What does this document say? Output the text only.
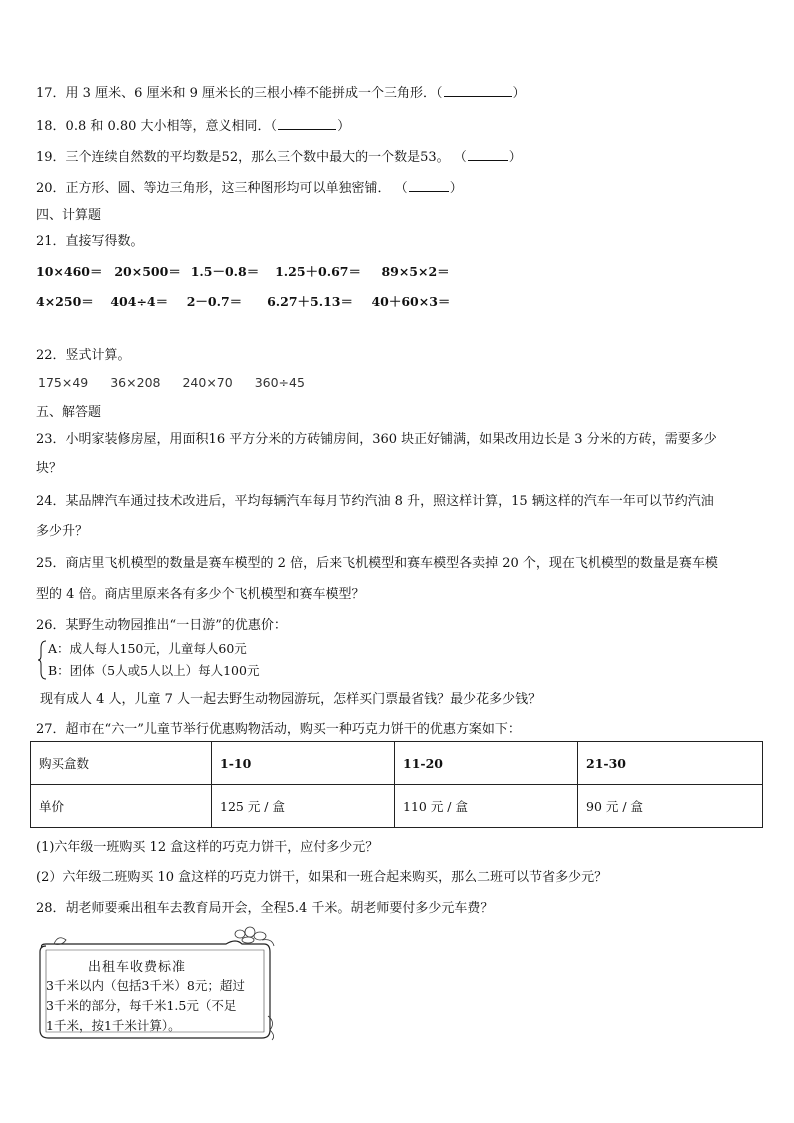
17．用 3 厘米、6 厘米和 9 厘米长的三根小棒不能拼成一个三角形．（	）
18．0.8 和 0.80 大小相等，意义相同．（	）
19．三个连续自然数的平均数是52，那么三个数中最大的一个数是53。 （	）
20．正方形、圆、等边三角形，这三种图形均可以单独密铺． （	）
四、计算题
21．直接写得数。
10×460＝ 20×500＝ 1.5－0.8＝ 1.25＋0.67＝ 89×5×2＝
4×250＝ 404÷4＝ 2－0.7＝ 6.27＋5.13＝ 40＋60×3＝
22．竖式计算。
175×49 36×208 240×70 360÷45
五、解答题
23．小明家装修房屋，用面积16 平方分米的方砖铺房间，360 块正好铺满，如果改用边长是 3 分米的方砖，需要多少
块？
24．某品牌汽车通过技术改进后，平均每辆汽车每月节约汽油 8 升，照这样计算，15 辆这样的汽车一年可以节约汽油
多少升？
25．商店里飞机模型的数量是赛车模型的 2 倍，后来飞机模型和赛车模型各卖掉 20 个，现在飞机模型的数量是赛车模
型的 4 倍。商店里原来各有多少个飞机模型和赛车模型？
26．某野生动物园推出“一日游”的优惠价：
A：成人每人150元，儿童每人60元
B：团体（5人或5人以上）每人100元
现有成人 4 人，儿童 7 人一起去野生动物园游玩，怎样买门票最省钱？最少花多少钱？
27．超市在“六一”儿童节举行优惠购物活动，购买一种巧克力饼干的优惠方案如下：
购买盒数	1-10	11-20	21-30
单价	125 元 / 盒	110 元 / 盒	90 元 / 盒
(1)六年级一班购买 12 盒这样的巧克力饼干，应付多少元？
(2）六年级二班购买 10 盒这样的巧克力饼干，如果和一班合起来购买，那么二班可以节省多少元？
28．胡老师要乘出租车去教育局开会，全程5.4 千米。胡老师要付多少元车费？
出租车收费标准
3千米以内（包括3千米）8元；超过
3千米的部分，每千米1.5元（不足
1千米，按1千米计算）。
